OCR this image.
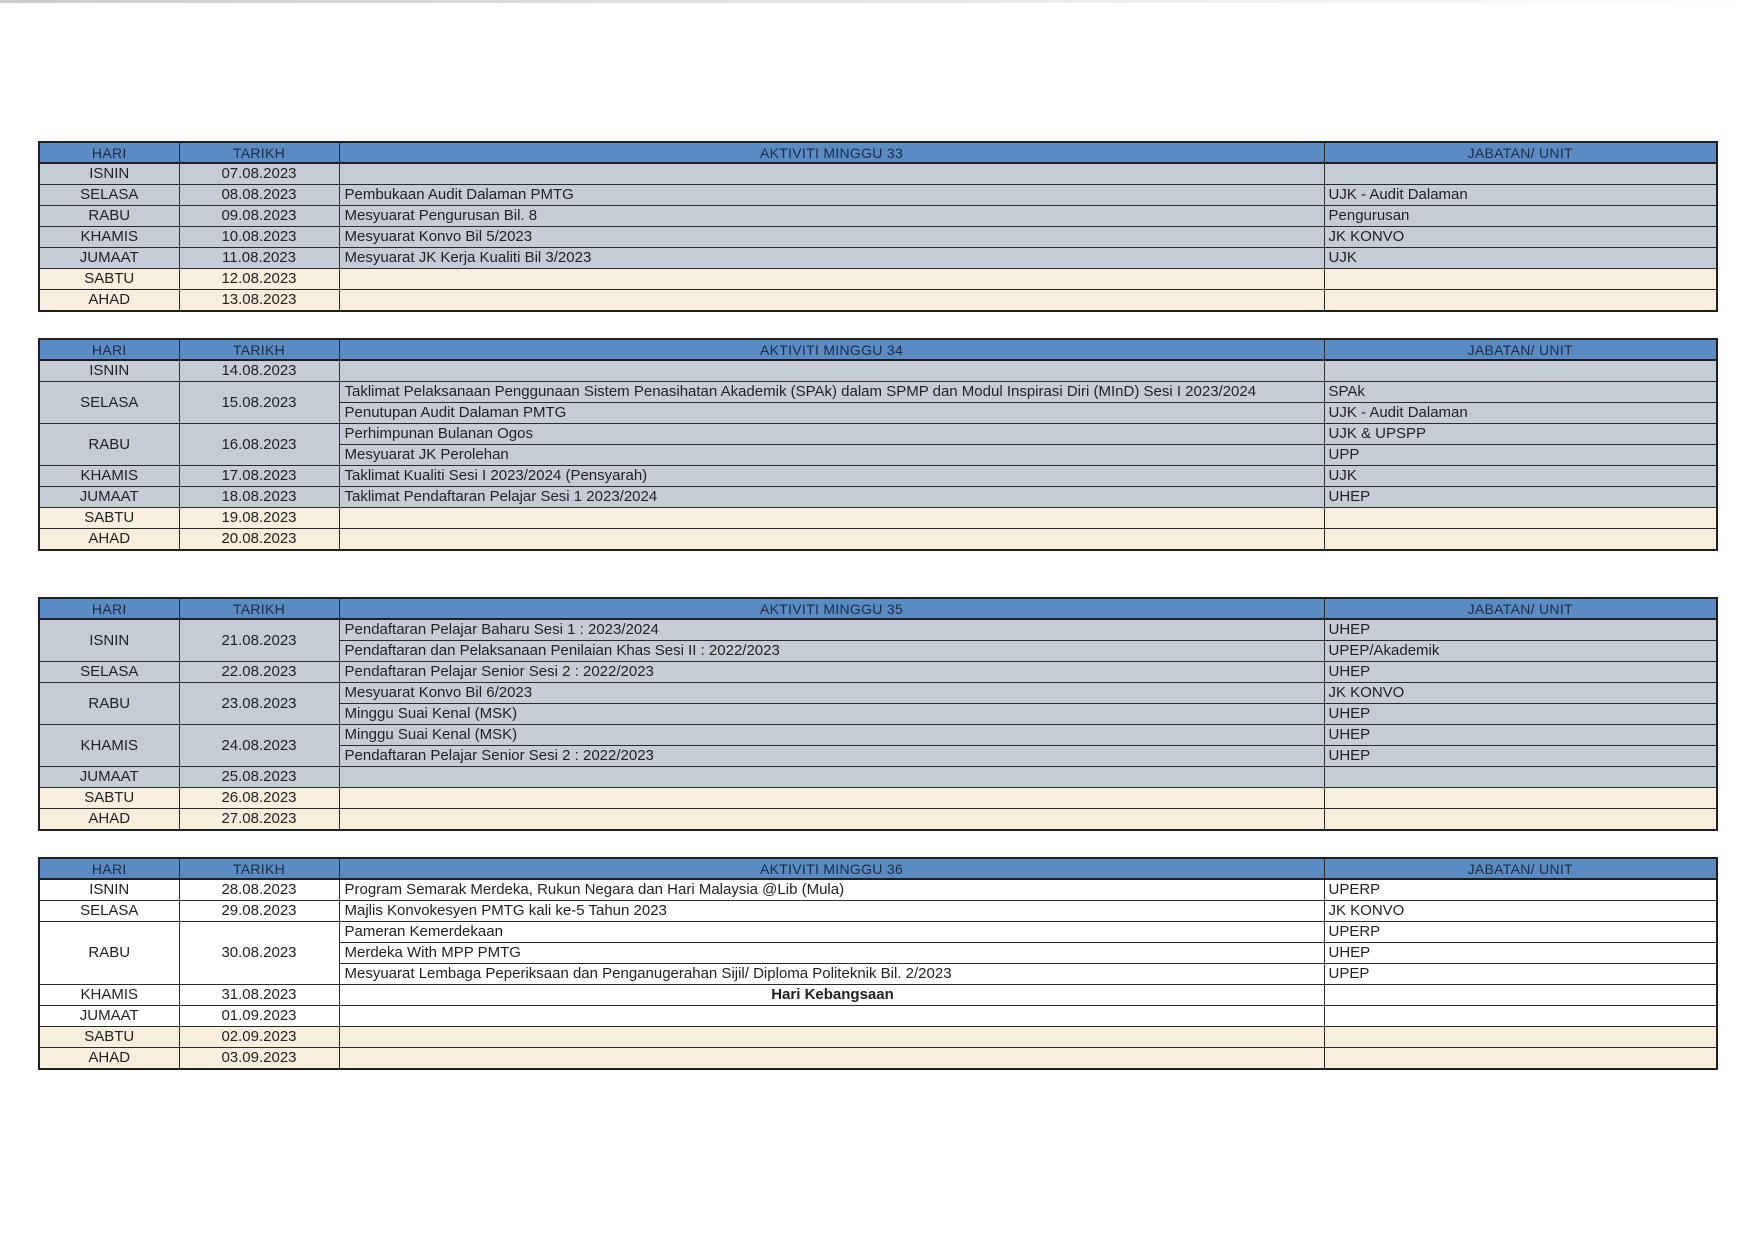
HARI	TARIKH	AKTIVITI MINGGU 33	JABATAN/ UNIT
ISNIN	07.08.2023		
SELASA	08.08.2023	Pembukaan Audit Dalaman PMTG	UJK - Audit Dalaman
RABU	09.08.2023	Mesyuarat Pengurusan Bil. 8	Pengurusan
KHAMIS	10.08.2023	Mesyuarat Konvo Bil 5/2023	JK KONVO
JUMAAT	11.08.2023	Mesyuarat JK Kerja Kualiti Bil 3/2023	UJK
SABTU	12.08.2023		
AHAD	13.08.2023		
HARI	TARIKH	AKTIVITI MINGGU 34	JABATAN/ UNIT
ISNIN	14.08.2023		
SELASA	15.08.2023	Taklimat Pelaksanaan Penggunaan Sistem Penasihatan Akademik (SPAk) dalam SPMP dan Modul Inspirasi Diri (MInD) Sesi I 2023/2024	SPAk
		Penutupan Audit Dalaman PMTG	UJK - Audit Dalaman
RABU	16.08.2023	Perhimpunan Bulanan Ogos	UJK & UPSPP
		Mesyuarat JK Perolehan	UPP
KHAMIS	17.08.2023	Taklimat Kualiti Sesi I 2023/2024 (Pensyarah)	UJK
JUMAAT	18.08.2023	Taklimat Pendaftaran Pelajar Sesi 1 2023/2024	UHEP
SABTU	19.08.2023		
AHAD	20.08.2023		
HARI	TARIKH	AKTIVITI MINGGU 35	JABATAN/ UNIT
ISNIN	21.08.2023	Pendaftaran Pelajar Baharu Sesi 1 : 2023/2024	UHEP
		Pendaftaran dan Pelaksanaan Penilaian Khas Sesi II : 2022/2023	UPEP/Akademik
SELASA	22.08.2023	Pendaftaran Pelajar Senior Sesi 2 : 2022/2023	UHEP
RABU	23.08.2023	Mesyuarat Konvo Bil 6/2023	JK KONVO
		Minggu Suai Kenal (MSK)	UHEP
KHAMIS	24.08.2023	Minggu Suai Kenal (MSK)	UHEP
		Pendaftaran Pelajar Senior Sesi 2 : 2022/2023	UHEP
JUMAAT	25.08.2023		
SABTU	26.08.2023		
AHAD	27.08.2023		
HARI	TARIKH	AKTIVITI MINGGU 36	JABATAN/ UNIT
ISNIN	28.08.2023	Program Semarak Merdeka, Rukun Negara dan Hari Malaysia @Lib (Mula)	UPERP
SELASA	29.08.2023	Majlis Konvokesyen PMTG kali ke-5 Tahun 2023	JK KONVO
RABU	30.08.2023	Pameran Kemerdekaan	UPERP
		Merdeka With MPP PMTG	UHEP
		Mesyuarat Lembaga Peperiksaan dan Penganugerahan Sijil/ Diploma Politeknik Bil. 2/2023	UPEP
KHAMIS	31.08.2023	Hari Kebangsaan	
JUMAAT	01.09.2023		
SABTU	02.09.2023		
AHAD	03.09.2023		
